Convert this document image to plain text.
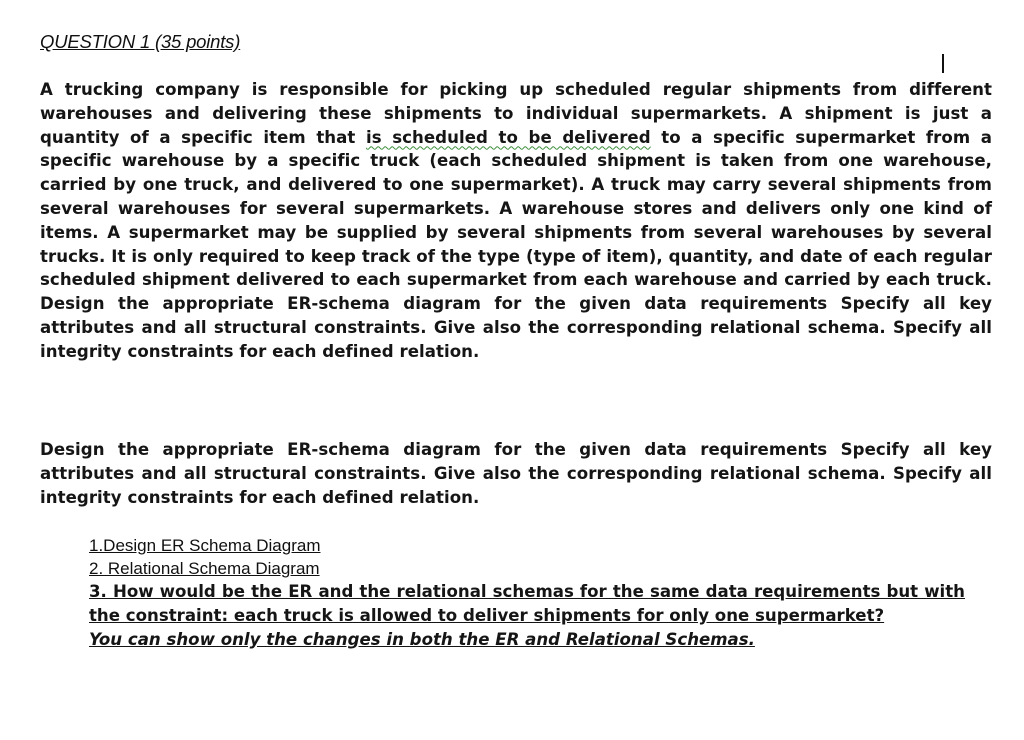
QUESTION 1 (35 points)

A trucking company is responsible for picking up scheduled regular shipments from different warehouses and delivering these shipments to individual supermarkets. A shipment is just a quantity of a specific item that is scheduled to be delivered to a specific supermarket from a specific warehouse by a specific truck (each scheduled shipment is taken from one warehouse, carried by one truck, and delivered to one supermarket). A truck may carry several shipments from several warehouses for several supermarkets. A warehouse stores and delivers only one kind of items. A supermarket may be supplied by several shipments from several warehouses by several trucks. It is only required to keep track of the type (type of item), quantity, and date of each regular scheduled shipment delivered to each supermarket from each warehouse and carried by each truck. Design the appropriate ER-schema diagram for the given data requirements Specify all key attributes and all structural constraints. Give also the corresponding relational schema. Specify all integrity constraints for each defined relation.

Design the appropriate ER-schema diagram for the given data requirements Specify all key attributes and all structural constraints. Give also the corresponding relational schema. Specify all integrity constraints for each defined relation.

1.Design ER Schema Diagram

2. Relational Schema Diagram

3. How would be the ER and the relational schemas for the same data requirements but with the constraint: each truck is allowed to deliver shipments for only one supermarket?

You can show only the changes in both the ER and Relational Schemas.
